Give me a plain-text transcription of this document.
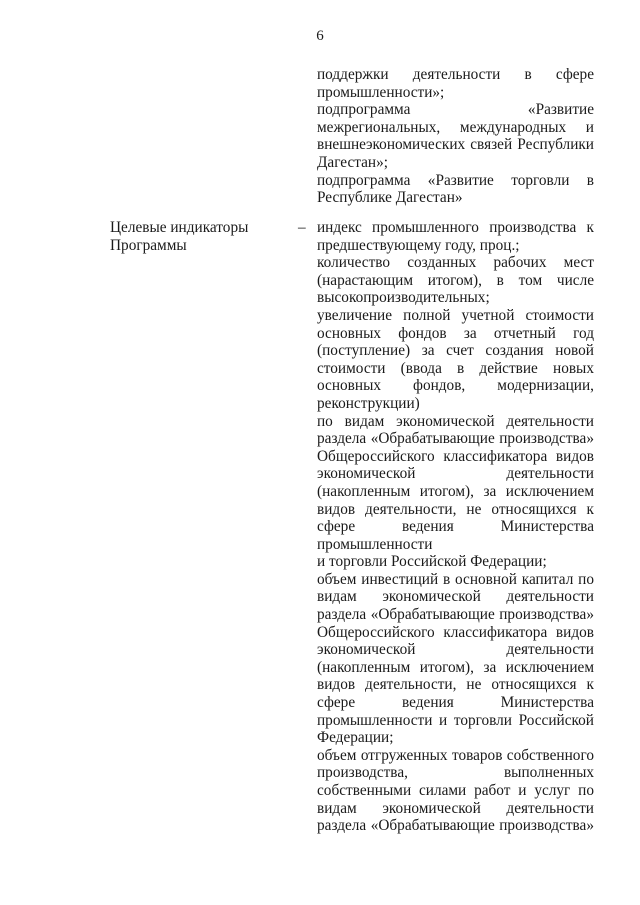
6
поддержки деятельности в сфере
промышленности»;
подпрограмма «Развитие
межрегиональных, международных и
внешнеэкономических связей Республики
Дагестан»;
подпрограмма «Развитие торговли в
Республике Дагестан»
Целевые индикаторы
Программы
– индекс промышленного производства к
предшествующему году, проц.;
количество созданных рабочих мест
(нарастающим итогом), в том числе
высокопроизводительных;
увеличение полной учетной стоимости
основных фондов за отчетный год
(поступление) за счет создания новой
стоимости (ввода в действие новых
основных фондов, модернизации,
реконструкции)
по видам экономической деятельности
раздела «Обрабатывающие производства»
Общероссийского классификатора видов
экономической деятельности
(накопленным итогом), за исключением
видов деятельности, не относящихся к
сфере ведения Министерства
промышленности
и торговли Российской Федерации;
объем инвестиций в основной капитал по
видам экономической деятельности
раздела «Обрабатывающие производства»
Общероссийского классификатора видов
экономической деятельности
(накопленным итогом), за исключением
видов деятельности, не относящихся к
сфере ведения Министерства
промышленности и торговли Российской
Федерации;
объем отгруженных товаров собственного
производства, выполненных
собственными силами работ и услуг по
видам экономической деятельности
раздела «Обрабатывающие производства»
